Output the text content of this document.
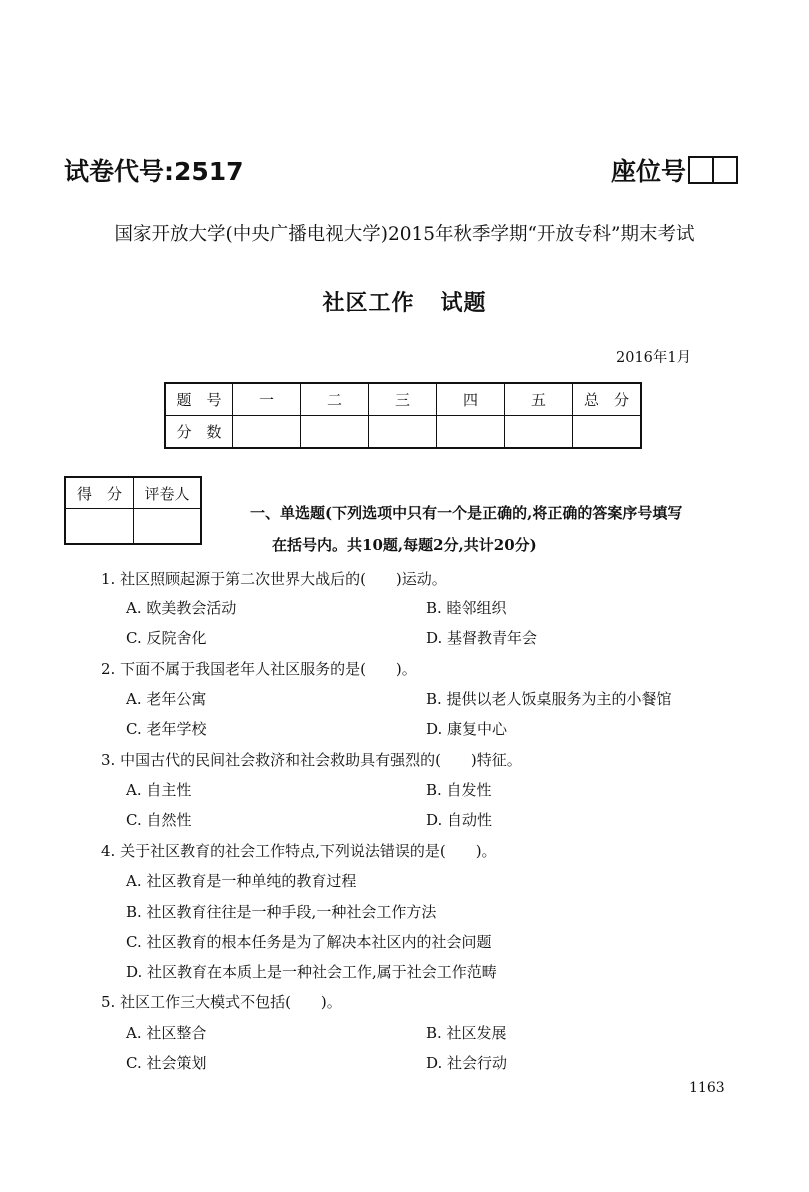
试卷代号:2517	座位号
国家开放大学(中央广播电视大学)2015年秋季学期“开放专科”期末考试
社区工作 试题
2016年1月
题　号	一	二	三	四	五	总　分
分　数						
得　分	评卷人

一、单选题(下列选项中只有一个是正确的,将正确的答案序号填写
在括号内。共10题,每题2分,共计20分)
1. 社区照顾起源于第二次世界大战后的(　　)运动。
A. 欧美教会活动	B. 睦邻组织
C. 反院舍化	D. 基督教青年会
2. 下面不属于我国老年人社区服务的是(　　)。
A. 老年公寓	B. 提供以老人饭桌服务为主的小餐馆
C. 老年学校	D. 康复中心
3. 中国古代的民间社会救济和社会救助具有强烈的(　　)特征。
A. 自主性	B. 自发性
C. 自然性	D. 自动性
4. 关于社区教育的社会工作特点,下列说法错误的是(　　)。
A. 社区教育是一种单纯的教育过程
B. 社区教育往往是一种手段,一种社会工作方法
C. 社区教育的根本任务是为了解决本社区内的社会问题
D. 社区教育在本质上是一种社会工作,属于社会工作范畴
5. 社区工作三大模式不包括(　　)。
A. 社区整合	B. 社区发展
C. 社会策划	D. 社会行动
1163
